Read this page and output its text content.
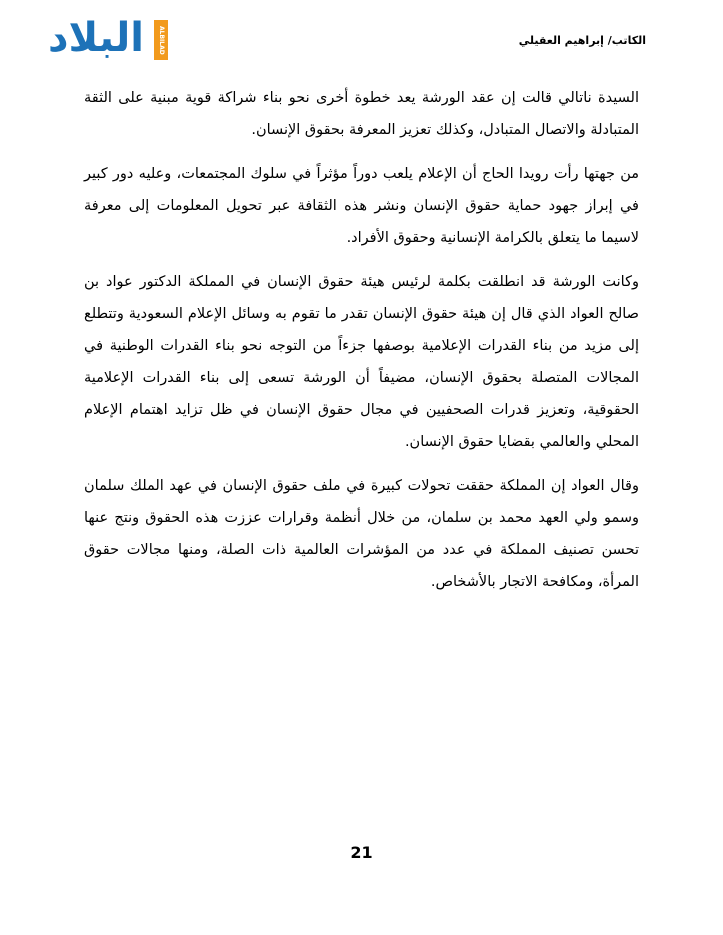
البلاد	ALBILAD DAILY	الكاتب/ إبراهيم العقيلي

السيدة ناتالي قالت إن عقد الورشة يعد خطوة أخرى نحو بناء شراكة قوية مبنية على الثقة المتبادلة والاتصال المتبادل، وكذلك تعزيز المعرفة بحقوق الإنسان.

من جهتها رأت رويدا الحاج أن الإعلام يلعب دوراً مؤثراً في سلوك المجتمعات، وعليه دور كبير في إبراز جهود حماية حقوق الإنسان ونشر هذه الثقافة عبر تحويل المعلومات إلى معرفة لاسيما ما يتعلق بالكرامة الإنسانية وحقوق الأفراد.

وكانت الورشة قد انطلقت بكلمة لرئيس هيئة حقوق الإنسان في المملكة الدكتور عواد بن صالح العواد الذي قال إن هيئة حقوق الإنسان تقدر ما تقوم به وسائل الإعلام السعودية وتتطلع إلى مزيد من بناء القدرات الإعلامية بوصفها جزءاً من التوجه نحو بناء القدرات الوطنية في المجالات المتصلة بحقوق الإنسان، مضيفاً أن الورشة تسعى إلى بناء القدرات الإعلامية الحقوقية، وتعزيز قدرات الصحفيين في مجال حقوق الإنسان في ظل تزايد اهتمام الإعلام المحلي والعالمي بقضايا حقوق الإنسان.

وقال العواد إن المملكة حققت تحولات كبيرة في ملف حقوق الإنسان في عهد الملك سلمان وسمو ولي العهد محمد بن سلمان، من خلال أنظمة وقرارات عززت هذه الحقوق ونتج عنها تحسن تصنيف المملكة في عدد من المؤشرات العالمية ذات الصلة، ومنها مجالات حقوق المرأة، ومكافحة الاتجار بالأشخاص.

21
